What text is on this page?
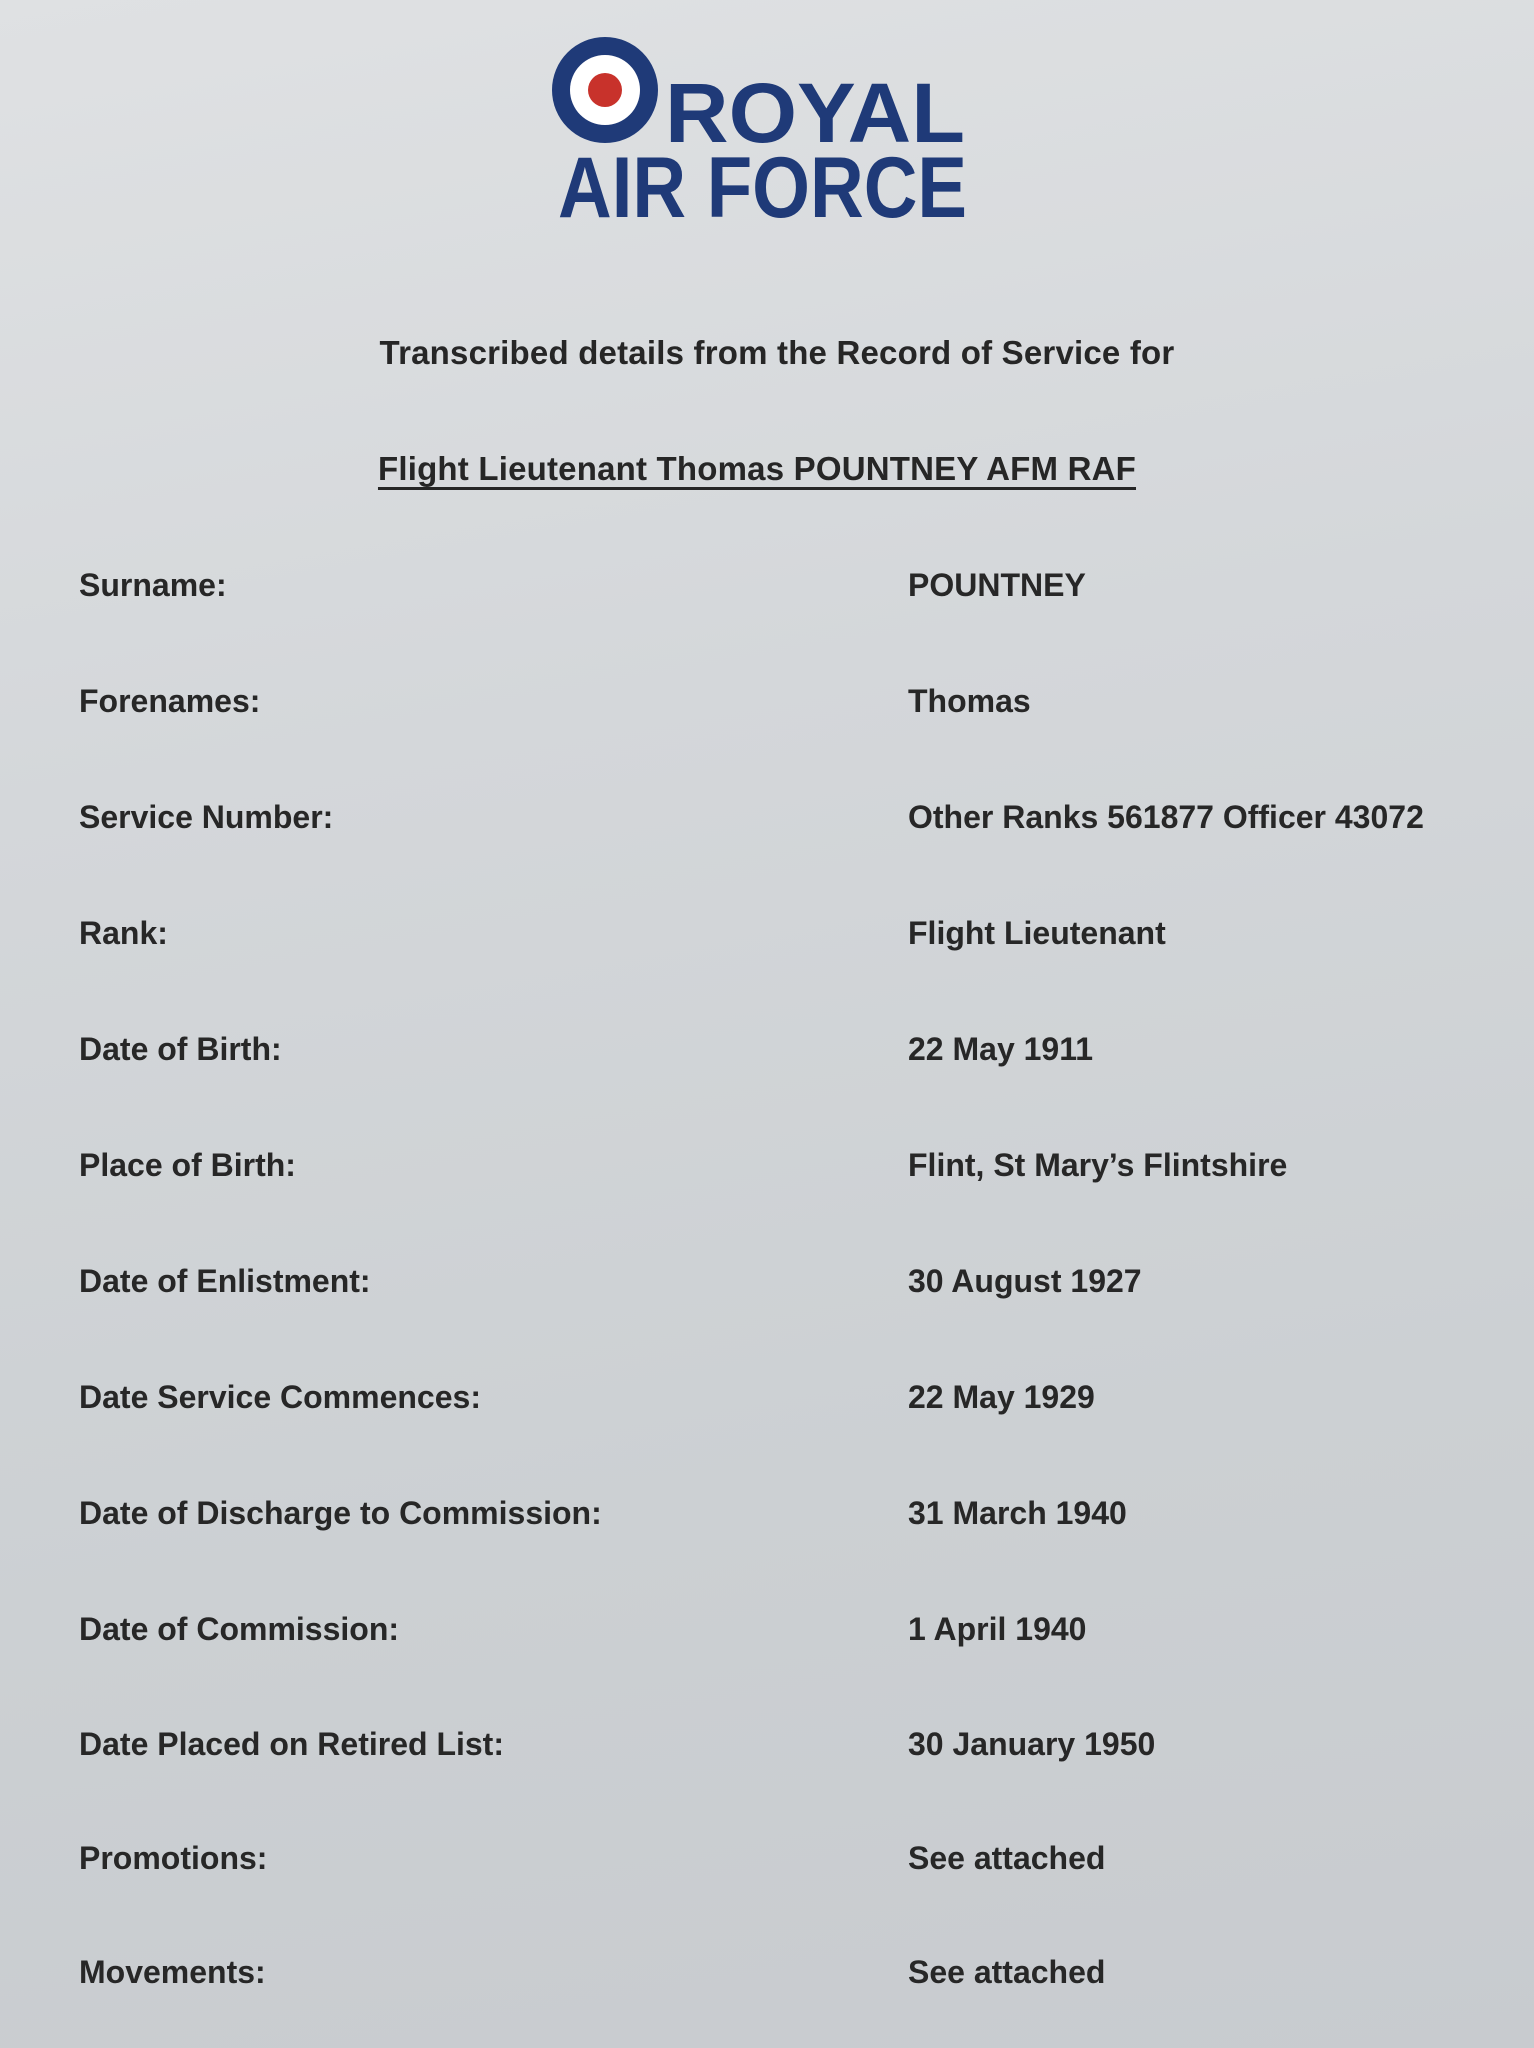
ROYAL
AIR FORCE
Transcribed details from the Record of Service for
Flight Lieutenant Thomas POUNTNEY AFM RAF
Surname:	POUNTNEY
Forenames:	Thomas
Service Number:	Other Ranks 561877 Officer 43072
Rank:	Flight Lieutenant
Date of Birth:	22 May 1911
Place of Birth:	Flint, St Mary’s Flintshire
Date of Enlistment:	30 August 1927
Date Service Commences:	22 May 1929
Date of Discharge to Commission:	31 March 1940
Date of Commission:	1 April 1940
Date Placed on Retired List:	30 January 1950
Promotions:	See attached
Movements:	See attached
